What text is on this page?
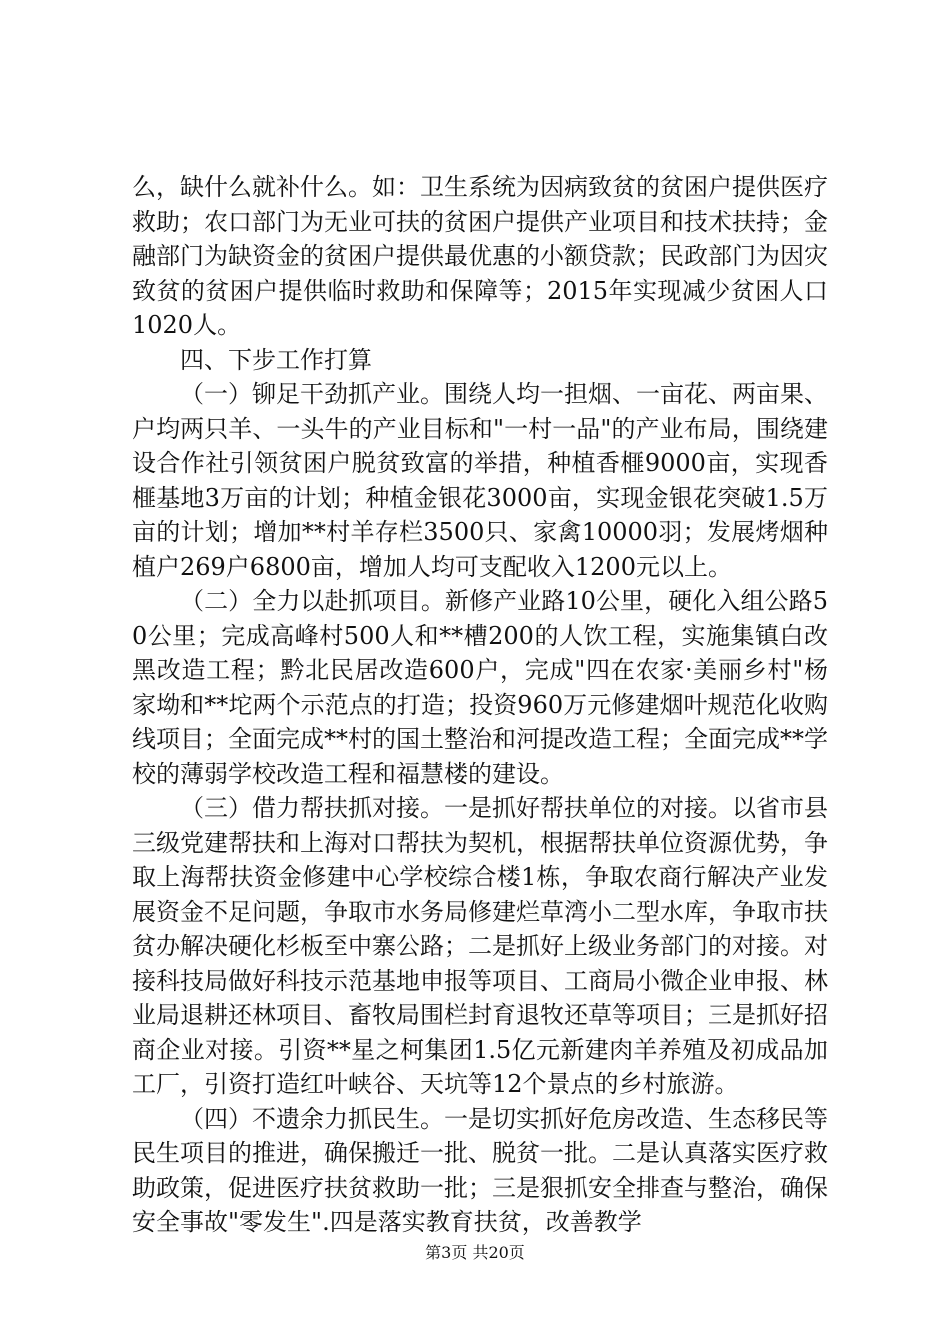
么，缺什么就补什么。如：卫生系统为因病致贫的贫困户提供医疗救助；农口部门为无业可扶的贫困户提供产业项目和技术扶持；金融部门为缺资金的贫困户提供最优惠的小额贷款；民政部门为因灾致贫的贫困户提供临时救助和保障等；2015年实现减少贫困人口1020人。

四、下步工作打算

（一）铆足干劲抓产业。围绕人均一担烟、一亩花、两亩果、户均两只羊、一头牛的产业目标和"一村一品"的产业布局，围绕建设合作社引领贫困户脱贫致富的举措，种植香榧9000亩，实现香榧基地3万亩的计划；种植金银花3000亩，实现金银花突破1.5万亩的计划；增加**村羊存栏3500只、家禽10000羽；发展烤烟种植户269户6800亩，增加人均可支配收入1200元以上。

（二）全力以赴抓项目。新修产业路10公里，硬化入组公路50公里；完成高峰村500人和**槽200的人饮工程，实施集镇白改黑改造工程；黔北民居改造600户，完成"四在农家·美丽乡村"杨家坳和**坨两个示范点的打造；投资960万元修建烟叶规范化收购线项目；全面完成**村的国土整治和河提改造工程；全面完成**学校的薄弱学校改造工程和福慧楼的建设。

（三）借力帮扶抓对接。一是抓好帮扶单位的对接。以省市县三级党建帮扶和上海对口帮扶为契机，根据帮扶单位资源优势，争取上海帮扶资金修建中心学校综合楼1栋，争取农商行解决产业发展资金不足问题，争取市水务局修建烂草湾小二型水库，争取市扶贫办解决硬化杉板至中寨公路；二是抓好上级业务部门的对接。对接科技局做好科技示范基地申报等项目、工商局小微企业申报、林业局退耕还林项目、畜牧局围栏封育退牧还草等项目；三是抓好招商企业对接。引资**星之柯集团1.5亿元新建肉羊养殖及初成品加工厂，引资打造红叶峡谷、天坑等12个景点的乡村旅游。

（四）不遗余力抓民生。一是切实抓好危房改造、生态移民等民生项目的推进，确保搬迁一批、脱贫一批。二是认真落实医疗救助政策，促进医疗扶贫救助一批；三是狠抓安全排查与整治，确保安全事故"零发生".四是落实教育扶贫，改善教学

第3页 共20页
